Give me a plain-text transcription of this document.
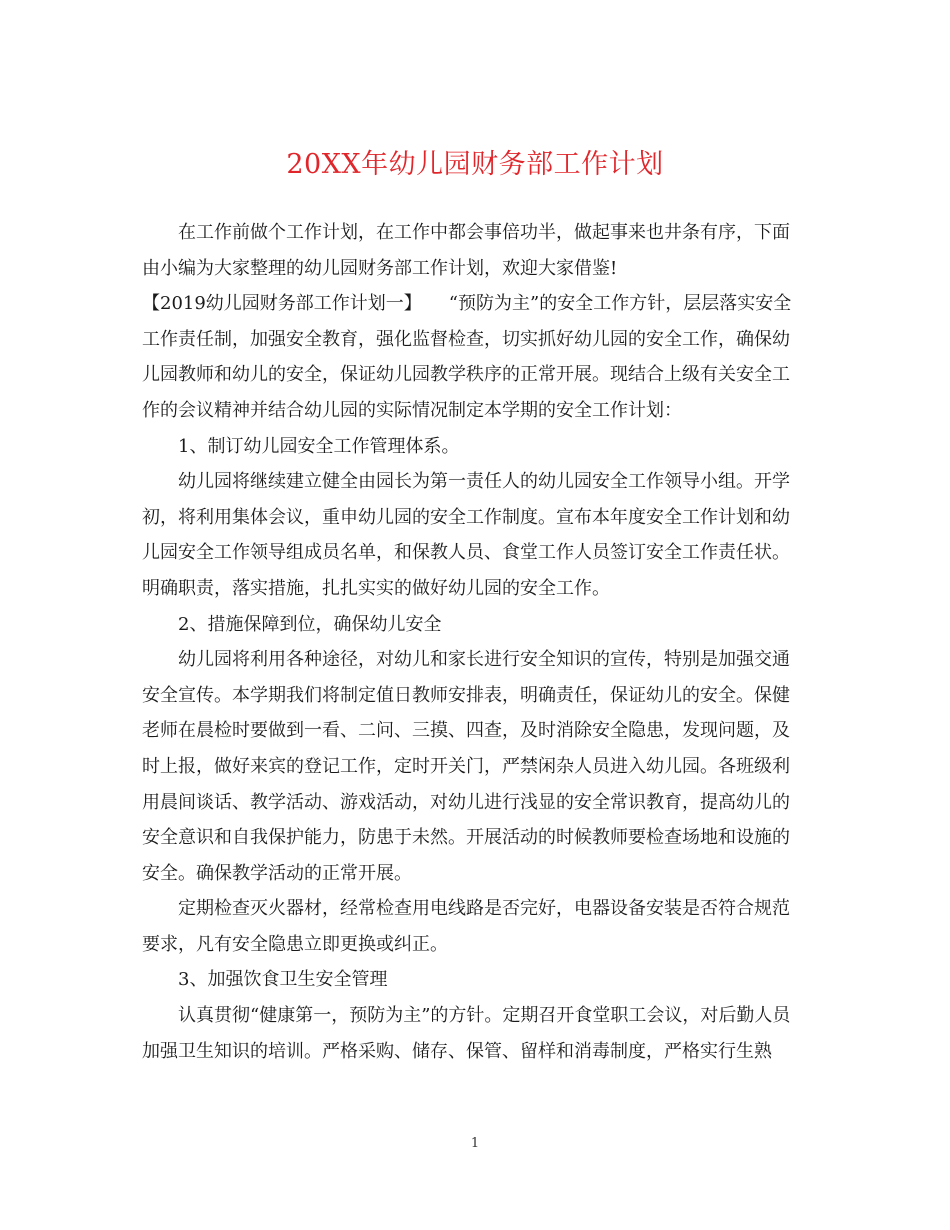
20XX年幼儿园财务部工作计划

在工作前做个工作计划，在工作中都会事倍功半，做起事来也井条有序，下面由小编为大家整理的幼儿园财务部工作计划，欢迎大家借鉴!

【2019幼儿园财务部工作计划一】　　“预防为主”的安全工作方针，层层落实安全工作责任制，加强安全教育，强化监督检查，切实抓好幼儿园的安全工作，确保幼儿园教师和幼儿的安全，保证幼儿园教学秩序的正常开展。现结合上级有关安全工作的会议精神并结合幼儿园的实际情况制定本学期的安全工作计划：

1、制订幼儿园安全工作管理体系。

幼儿园将继续建立健全由园长为第一责任人的幼儿园安全工作领导小组。开学初，将利用集体会议，重申幼儿园的安全工作制度。宣布本年度安全工作计划和幼儿园安全工作领导组成员名单，和保教人员、食堂工作人员签订安全工作责任状。明确职责，落实措施，扎扎实实的做好幼儿园的安全工作。

2、措施保障到位，确保幼儿安全

幼儿园将利用各种途径，对幼儿和家长进行安全知识的宣传，特别是加强交通安全宣传。本学期我们将制定值日教师安排表，明确责任，保证幼儿的安全。保健老师在晨检时要做到一看、二问、三摸、四查，及时消除安全隐患，发现问题，及时上报，做好来宾的登记工作，定时开关门，严禁闲杂人员进入幼儿园。各班级利用晨间谈话、教学活动、游戏活动，对幼儿进行浅显的安全常识教育，提高幼儿的安全意识和自我保护能力，防患于未然。开展活动的时候教师要检查场地和设施的安全。确保教学活动的正常开展。

定期检查灭火器材，经常检查用电线路是否完好，电器设备安装是否符合规范要求，凡有安全隐患立即更换或纠正。

3、加强饮食卫生安全管理

认真贯彻“健康第一，预防为主”的方针。定期召开食堂职工会议，对后勤人员加强卫生知识的培训。严格采购、储存、保管、留样和消毒制度，严格实行生熟

1
